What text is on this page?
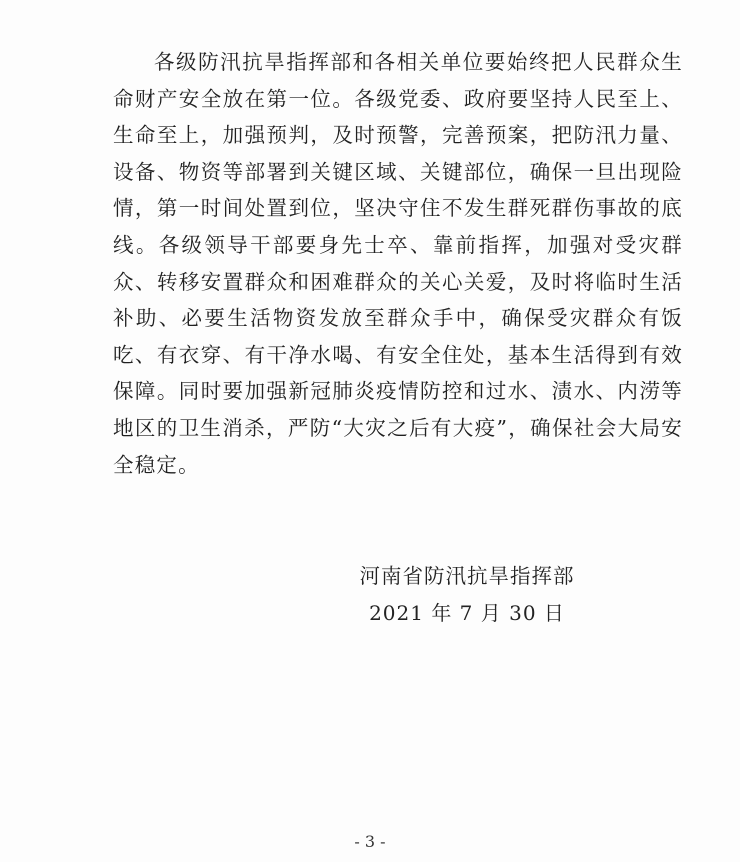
各级防汛抗旱指挥部和各相关单位要始终把人民群众生命财产安全放在第一位。各级党委、政府要坚持人民至上、生命至上，加强预判，及时预警，完善预案，把防汛力量、设备、物资等部署到关键区域、关键部位，确保一旦出现险情，第一时间处置到位，坚决守住不发生群死群伤事故的底线。各级领导干部要身先士卒、靠前指挥，加强对受灾群众、转移安置群众和困难群众的关心关爱，及时将临时生活补助、必要生活物资发放至群众手中，确保受灾群众有饭吃、有衣穿、有干净水喝、有安全住处，基本生活得到有效保障。同时要加强新冠肺炎疫情防控和过水、渍水、内涝等地区的卫生消杀，严防“大灾之后有大疫”，确保社会大局安全稳定。

河南省防汛抗旱指挥部
2021 年 7 月 30 日
- 3 -
